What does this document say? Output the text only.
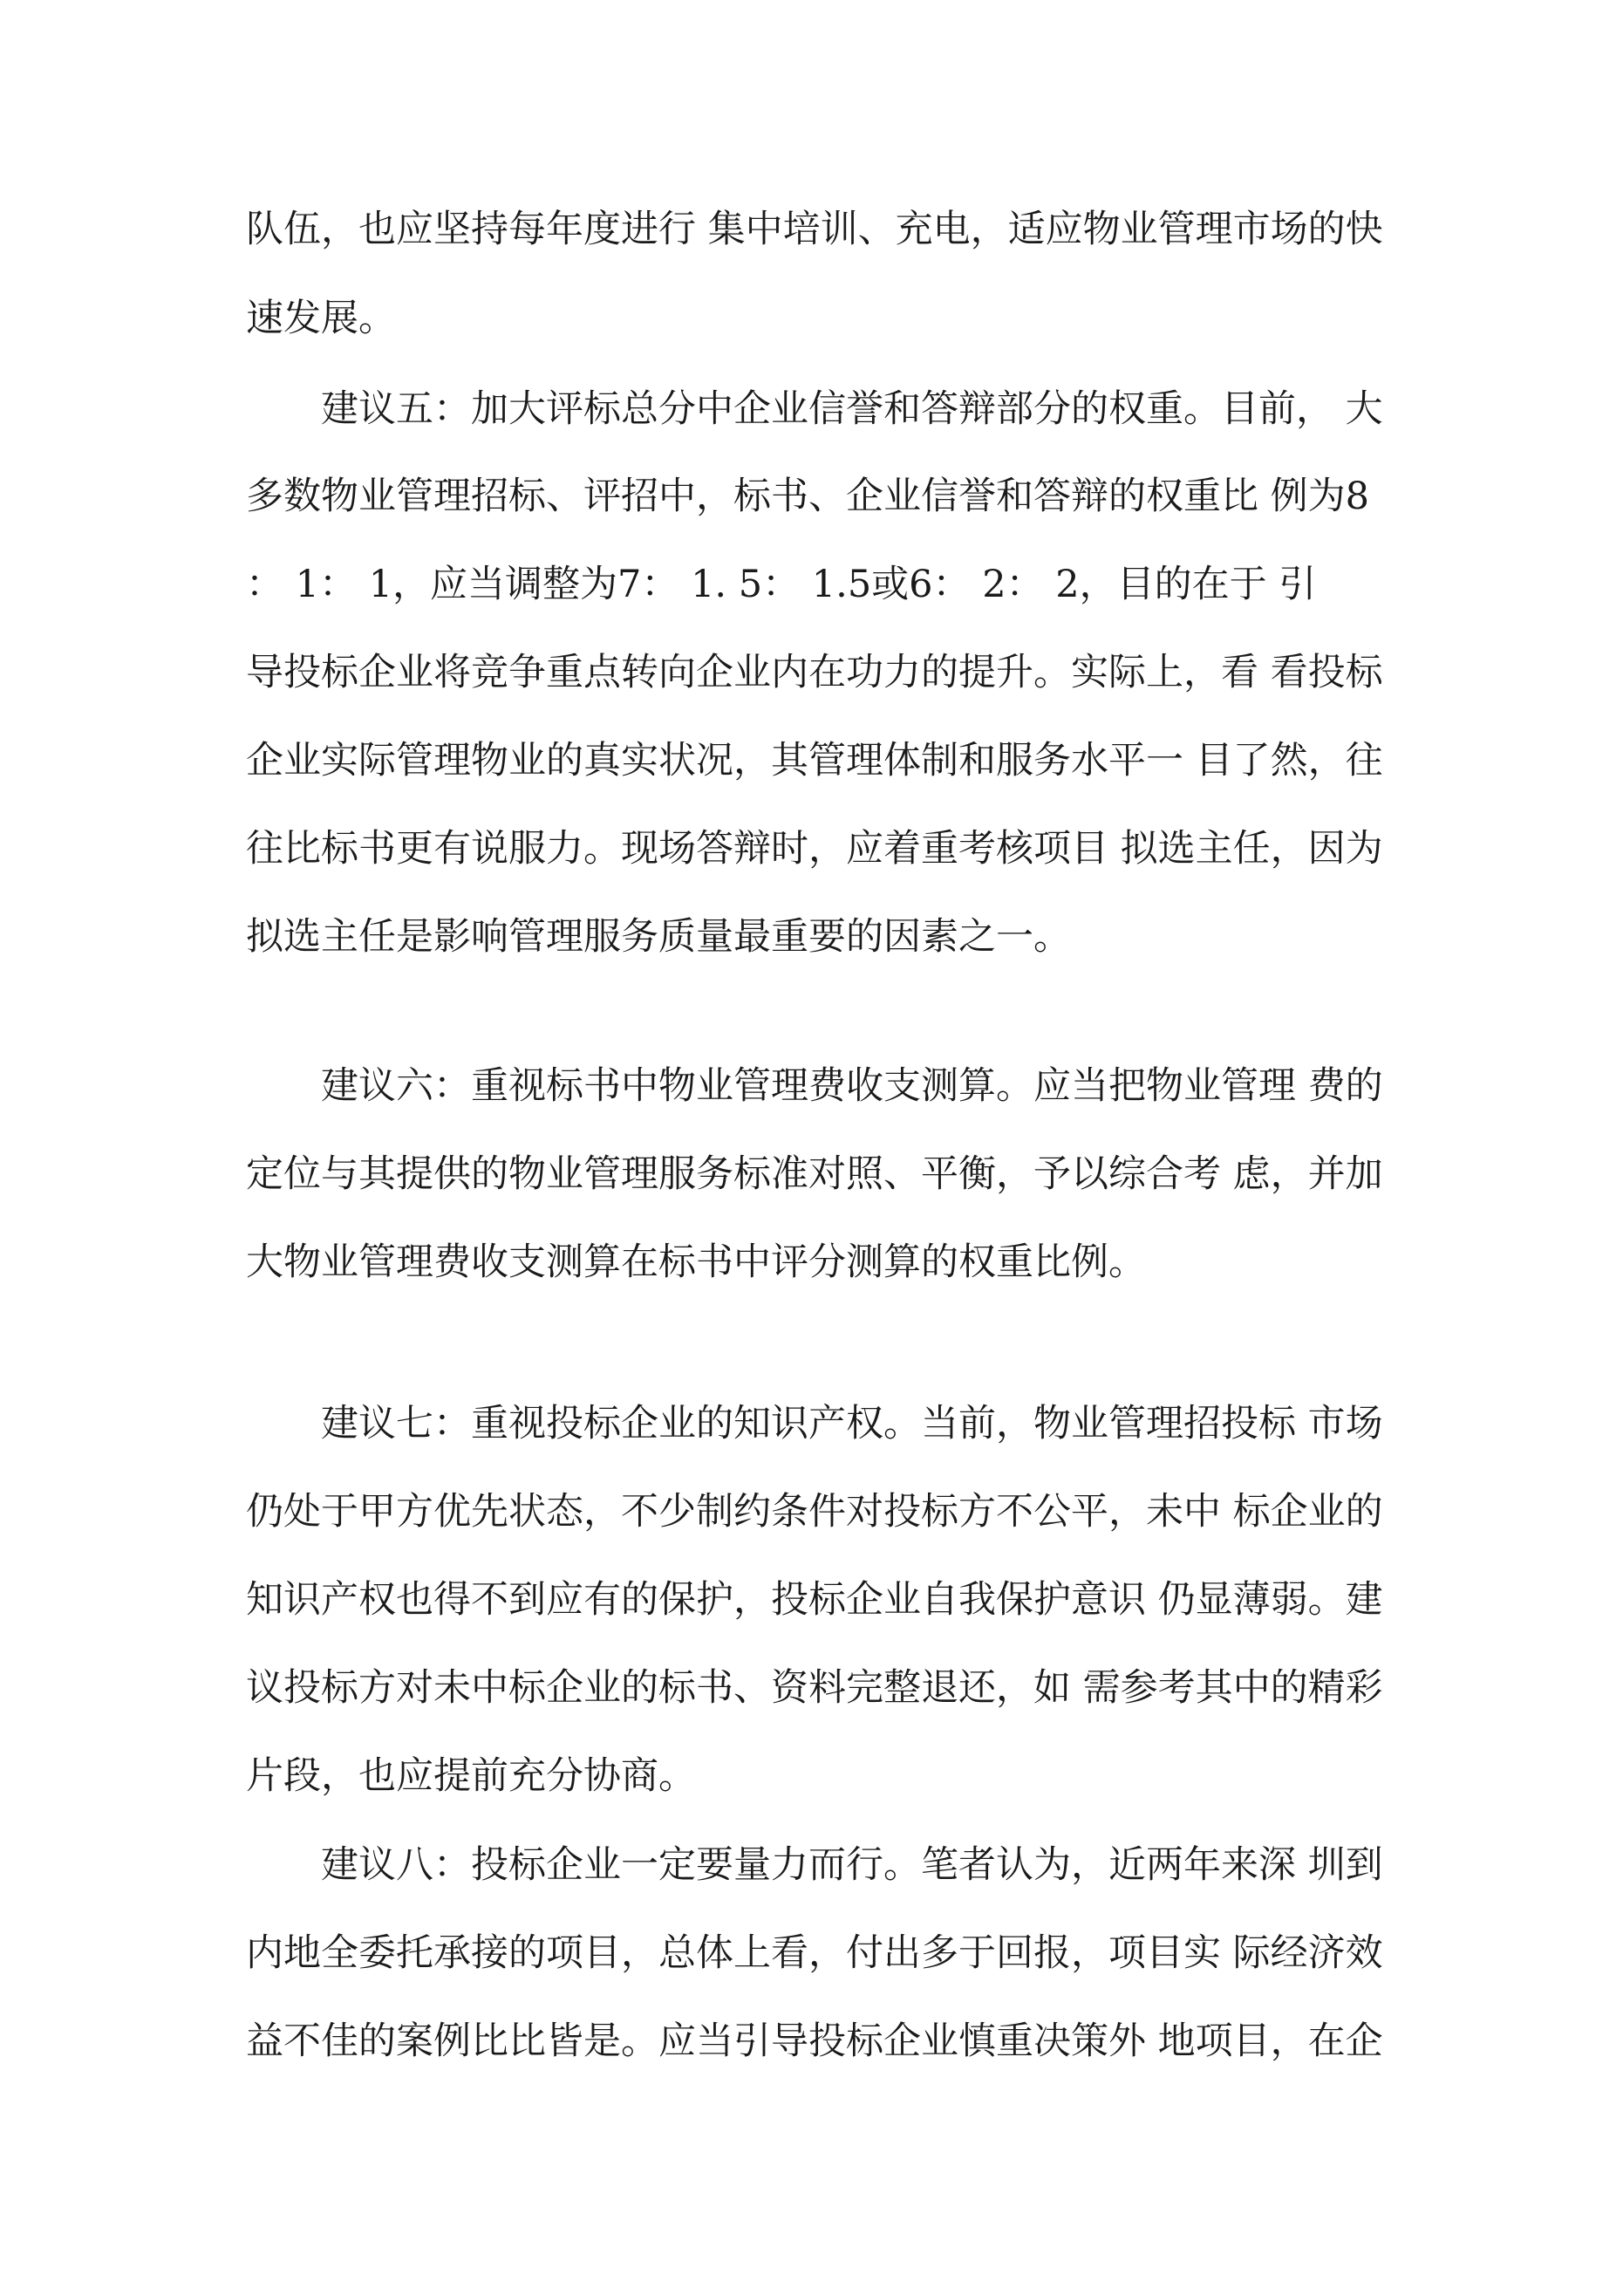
队伍，也应坚持每年度进行 集中培训、充电，适应物业管理市场的快

速发展。

建议五：加大评标总分中企业信誉和答辩部分的权重。目前， 大

多数物业管理招标、评招中，标书、企业信誉和答辩的权重比 例为8

： 1： 1，应当调整为7： 1. 5： 1.5或6： 2： 2，目的在于 引

导投标企业将竞争重点转向企业内在功力的提升。实际上，看 看投标

企业实际管理物业的真实状况，其管理体制和服务水平一 目了然，往

往比标书更有说服力。现场答辩时，应着重考核项目 拟选主任，因为

拟选主任是影响管理服务质量最重要的因素之一。

建议六：重视标书中物业管理费收支测算。应当把物业管理 费的

定位与其提供的物业管理服务标准对照、平衡，予以综合考 虑，并加

大物业管理费收支测算在标书中评分测算的权重比例。

建议七：重视投标企业的知识产权。当前，物业管理招投标 市场

仍处于甲方优先状态，不少制约条件对投标方不公平，未中 标企业的

知识产权也得不到应有的保护，投标企业自我保护意识 仍显薄弱。建

议投标方对未中标企业的标书、资料完整退还，如 需参考其中的精彩

片段，也应提前充分协商。

建议八：投标企业一定要量力而行。笔者认为，近两年来深 圳到

内地全委托承接的项目，总体上看，付出多于回报，项目实 际经济效

益不佳的案例比比皆是。应当引导投标企业慎重决策外 地项目，在企
